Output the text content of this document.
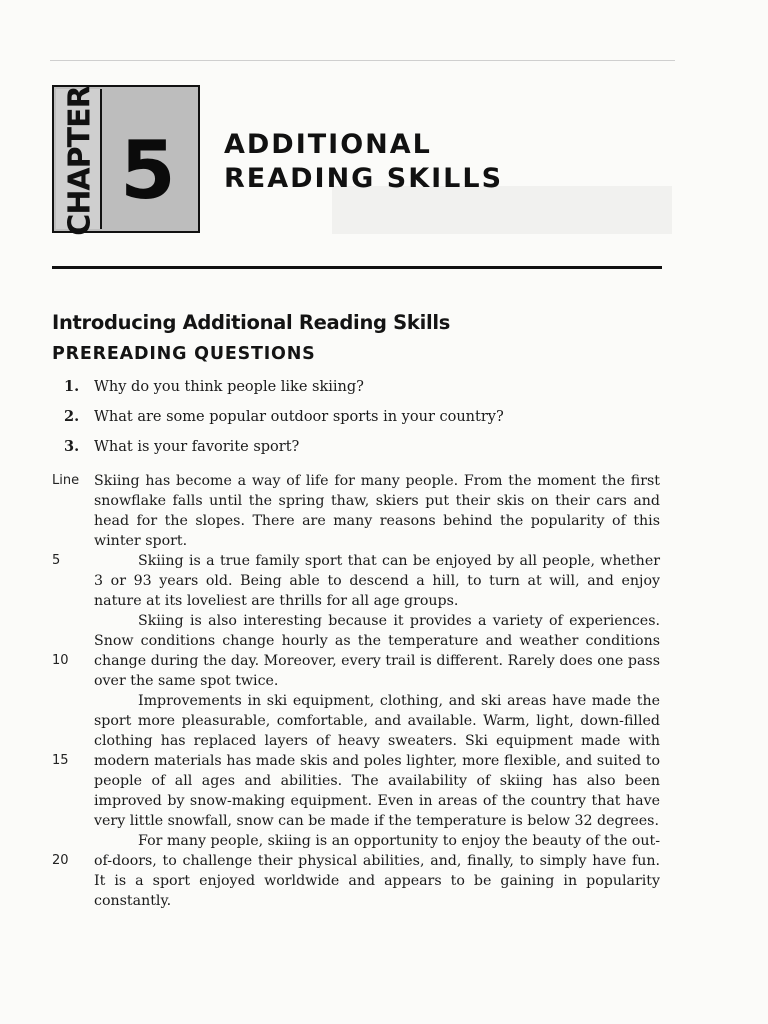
CHAPTER 5 ADDITIONAL
READING SKILLS
Introducing Additional Reading Skills
PREREADING QUESTIONS
1. Why do you think people like skiing?
2. What are some popular outdoor sports in your country?
3. What is your favorite sport?
Line
5
10
15
20

Skiing has become a way of life for many people. From the moment the first snowflake falls until the spring thaw, skiers put their skis on their cars and head for the slopes. There are many reasons behind the popularity of this winter sport.

Skiing is a true family sport that can be enjoyed by all people, whether 3 or 93 years old. Being able to descend a hill, to turn at will, and enjoy nature at its loveliest are thrills for all age groups.

Skiing is also interesting because it provides a variety of experiences. Snow conditions change hourly as the temperature and weather conditions change during the day. Moreover, every trail is different. Rarely does one pass over the same spot twice.

Improvements in ski equipment, clothing, and ski areas have made the sport more pleasurable, comfortable, and available. Warm, light, down-filled clothing has replaced layers of heavy sweaters. Ski equipment made with modern materials has made skis and poles lighter, more flexible, and suited to people of all ages and abilities. The availability of skiing has also been improved by snow-making equipment. Even in areas of the country that have very little snowfall, snow can be made if the temperature is below 32 degrees.

For many people, skiing is an opportunity to enjoy the beauty of the out-of-doors, to challenge their physical abilities, and, finally, to simply have fun. It is a sport enjoyed worldwide and appears to be gaining in popularity constantly.
